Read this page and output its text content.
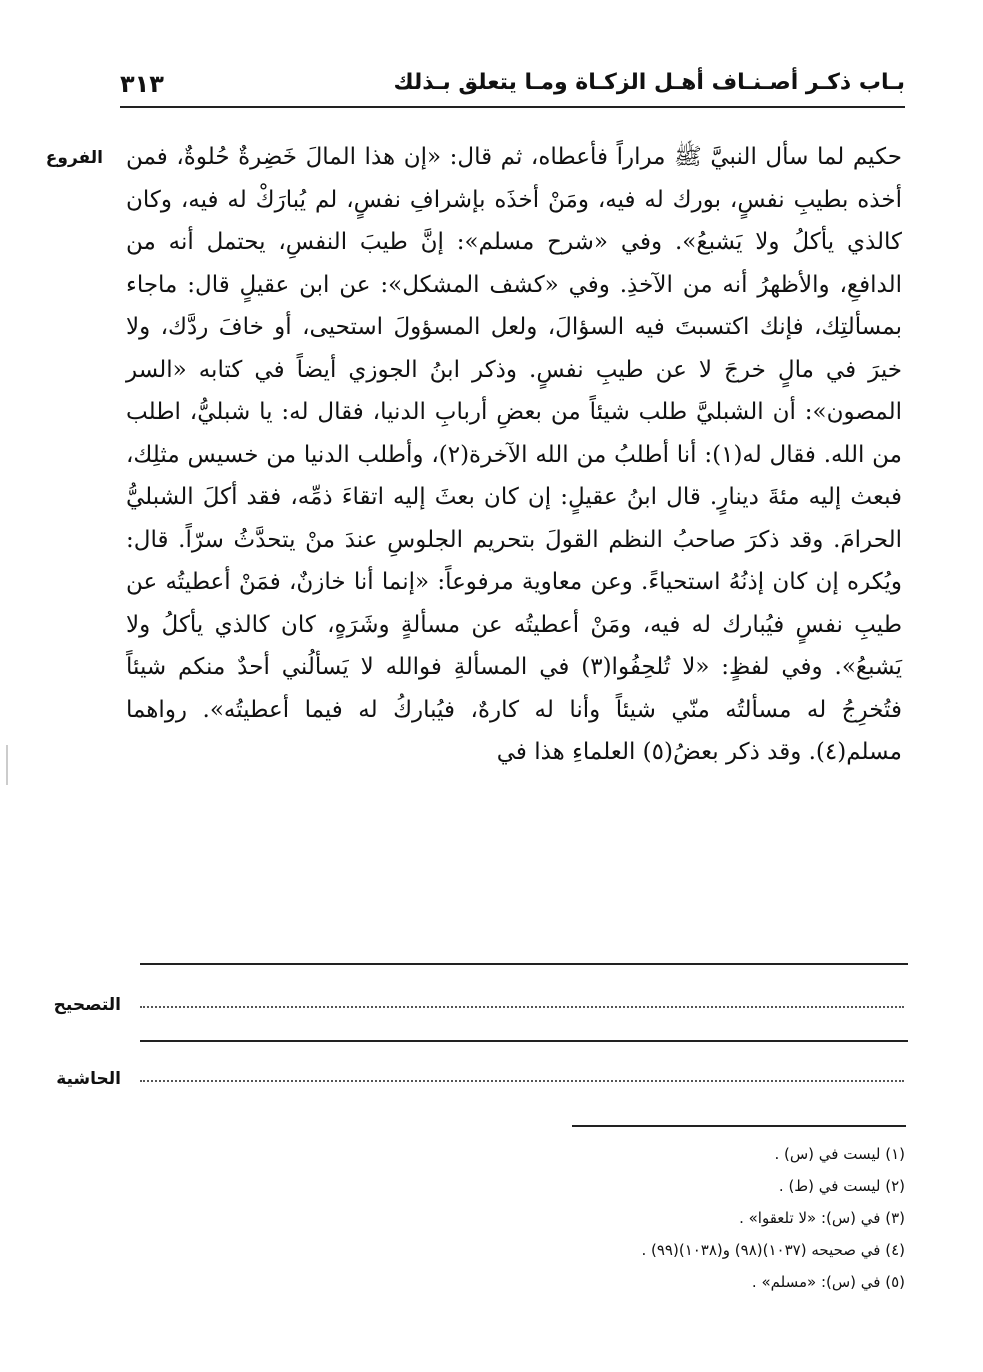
بـاب ذكـر أصـنـاف أهـل الزكـاة ومـا يتعلق بـذلك
٣١٣
الفروع حكيم لما سأل النبيَّ ﷺ مراراً فأعطاه، ثم قال: «إن هذا المالَ خَضِرةٌ حُلوةٌ، فمن أخذه بطيبِ نفسٍ، بورك له فيه، ومَنْ أخذَه بإشرافِ نفسٍ، لم يُبارَكْ له فيه، وكان كالذي يأكلُ ولا يَشبعُ». وفي «شرح مسلم»: إنَّ طيبَ النفسِ، يحتمل أنه من الدافعِ، والأظهرُ أنه من الآخذِ. وفي «كشف المشكل»: عن ابن عقيلٍ قال: ماجاء بمسألتِك، فإنك اكتسبتَ فيه السؤالَ، ولعل المسؤولَ استحيى، أو خافَ ردَّك، ولا خيرَ في مالٍ خرجَ لا عن طيبِ نفسٍ. وذكر ابنُ الجوزي أيضاً في كتابه «السر المصون»: أن الشبليَّ طلب شيئاً من بعضِ أربابِ الدنيا، فقال له: يا شبليُّ، اطلب من الله. فقال له(١): أنا أطلبُ من الله الآخرة(٢)، وأطلب الدنيا من خسيس مثلِك، فبعث إليه مئةَ دينارٍ. قال ابنُ عقيلٍ: إن كان بعثَ إليه اتقاءَ ذمِّه، فقد أكلَ الشبليُّ الحرامَ. وقد ذكرَ صاحبُ النظم القولَ بتحريم الجلوسِ عندَ منْ يتحدَّثُ سرّاً. قال: ويُكره إن كان إذنُهُ استحياءً. وعن معاوية مرفوعاً: «إنما أنا خازنٌ، فمَنْ أعطيتُه عن طيبِ نفسٍ فيُبارك له فيه، ومَنْ أعطيتُه عن مسألةٍ وشَرَهٍ، كان كالذي يأكلُ ولا يَشبعُ». وفي لفظٍ: «لا تُلحِفُوا(٣) في المسألةِ فوالله لا يَسألُني أحدٌ منكم شيئاً فتُخرِجُ له مسألتُه منّي شيئاً وأنا له كارهٌ، فيُباركُ له فيما أعطيتُه». رواهما مسلم(٤). وقد ذكر بعضُ(٥) العلماءِ هذا في

التصحيح
الحاشية
(١) ليست في (س) .
(٢) ليست في (ط) .
(٣) في (س): «لا تلعقوا» .
(٤) في صحيحه (١٠٣٧)(٩٨) و(١٠٣٨)(٩٩) .
(٥) في (س): «مسلم» .
